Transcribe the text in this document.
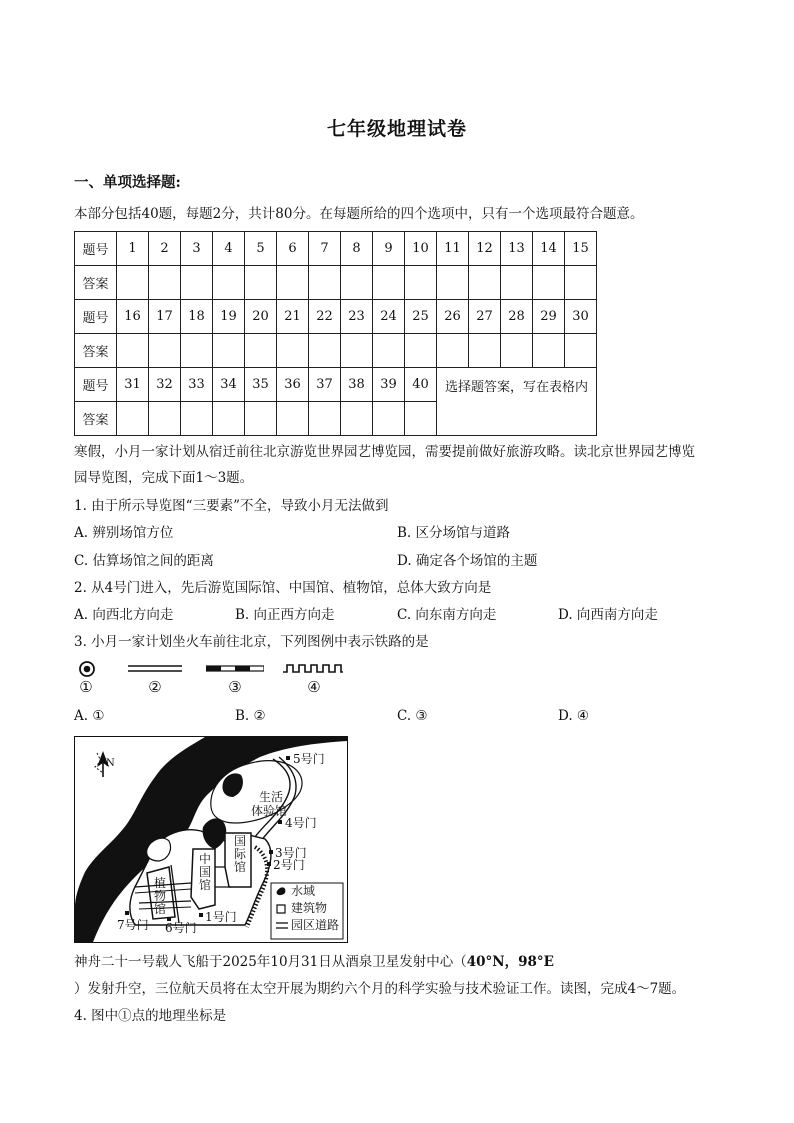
七年级地理试卷
一、单项选择题:
本部分包括40题，每题2分，共计80分。在每题所给的四个选项中，只有一个选项最符合题意。
题号	1	2	3	4	5	6	7	8	9	10	11	12	13	14	15
答案															
题号	16	17	18	19	20	21	22	23	24	25	26	27	28	29	30
答案															
题号	31	32	33	34	35	36	37	38	39	40	选择题答案，写在表格内				
答案															
寒假，小月一家计划从宿迁前往北京游览世界园艺博览园，需要提前做好旅游攻略。读北京世界园艺博览
园导览图，完成下面1～3题。
1. 由于所示导览图“三要素”不全，导致小月无法做到
A. 辨别场馆方位	B. 区分场馆与道路
C. 估算场馆之间的距离	D. 确定各个场馆的主题
2. 从4号门进入，先后游览国际馆、中国馆、植物馆，总体大致方向是
A. 向西北方向走	B. 向正西方向走	C. 向东南方向走	D. 向西南方向走
3. 小月一家计划坐火车前往北京，下列图例中表示铁路的是
①	②	③	④
A. ①	B. ②	C. ③	D. ④
N	5号门
生活
体验馆
4号门
3号门
2号门
国际馆
中国馆
植物馆
1号门
6号门
7号门
水域
建筑物
园区道路
神舟二十一号载人飞船于2025年10月31日从酒泉卫星发射中心（40°N，98°E
）发射升空，三位航天员将在太空开展为期约六个月的科学实验与技术验证工作。读图，完成4～7题。
4. 图中①点的地理坐标是
